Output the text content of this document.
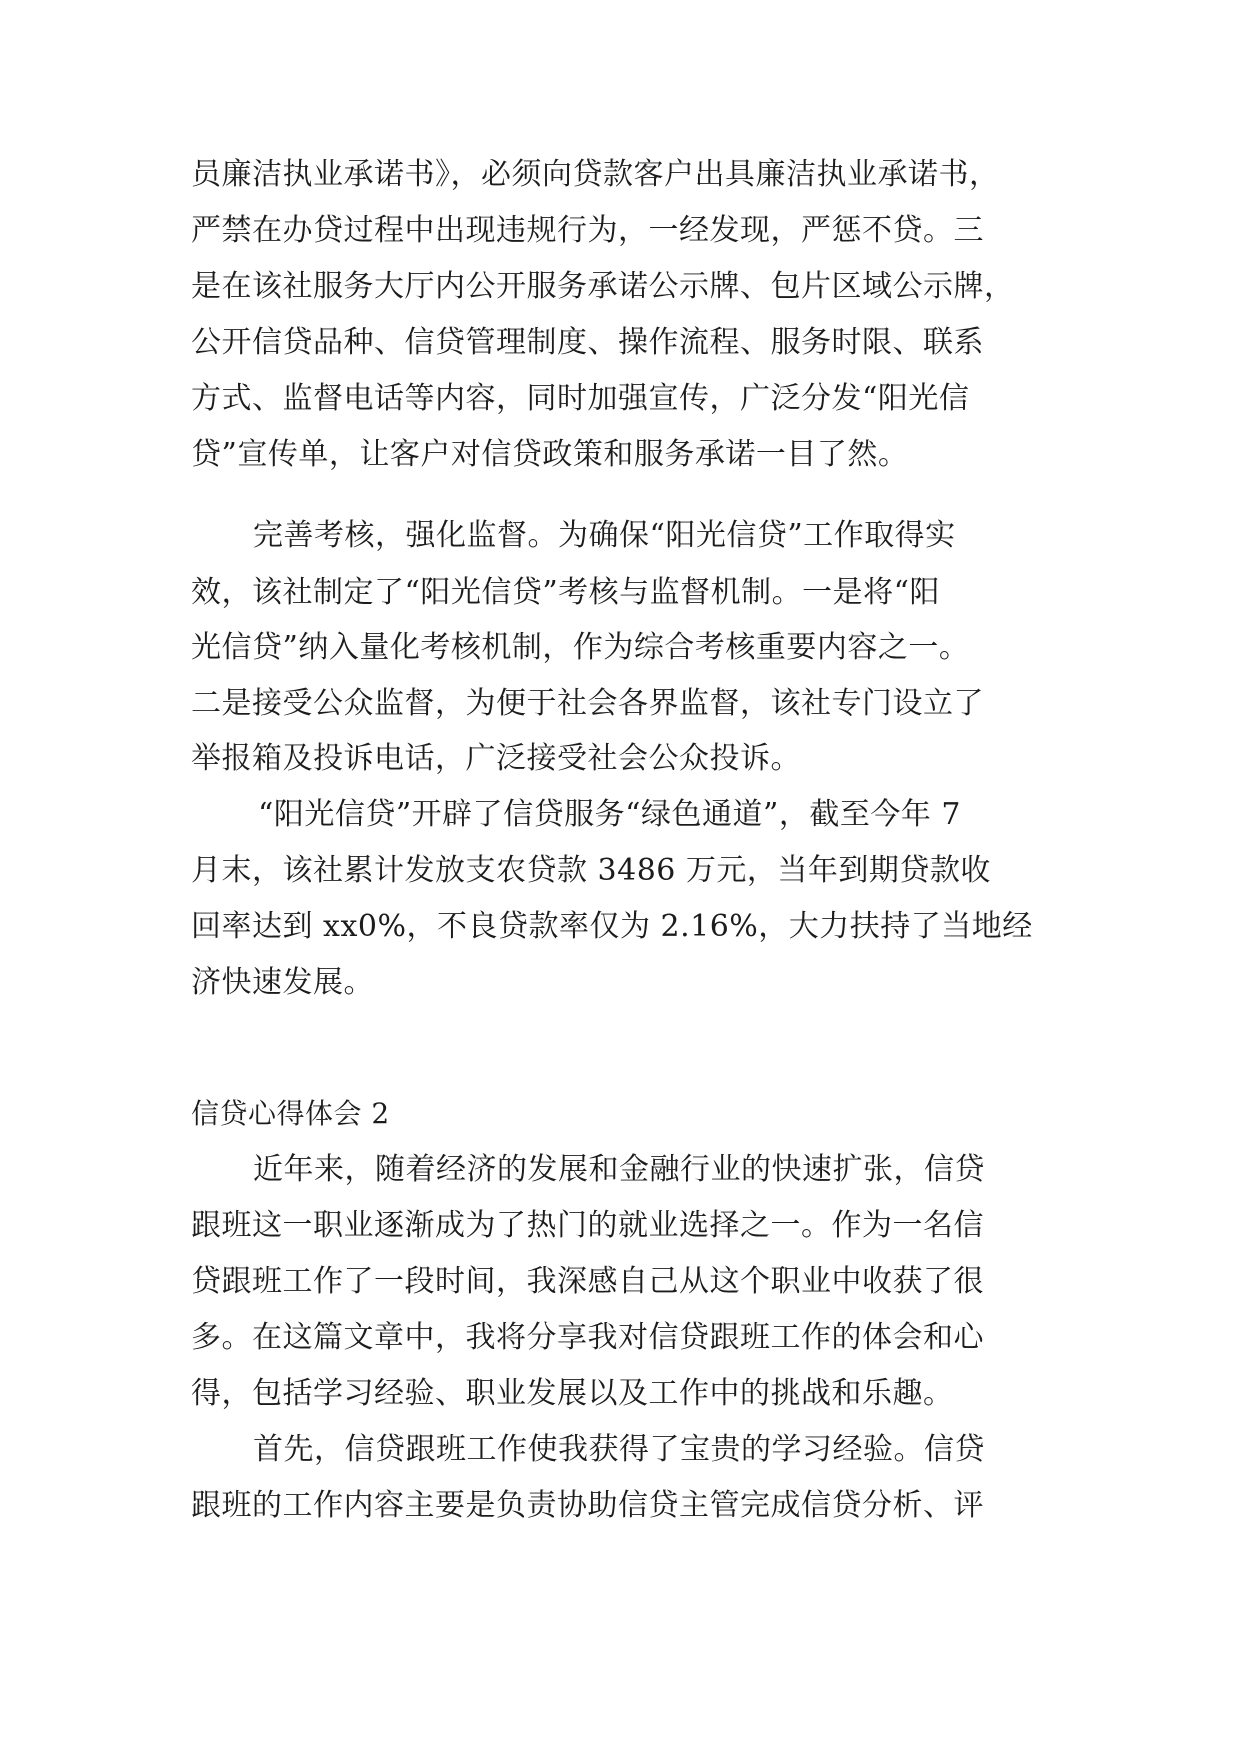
员廉洁执业承诺书》，必须向贷款客户出具廉洁执业承诺书，
严禁在办贷过程中出现违规行为，一经发现，严惩不贷。三
是在该社服务大厅内公开服务承诺公示牌、包片区域公示牌，
公开信贷品种、信贷管理制度、操作流程、服务时限、联系
方式、监督电话等内容，同时加强宣传，广泛分发“阳光信
贷”宣传单，让客户对信贷政策和服务承诺一目了然。
完善考核，强化监督。为确保“阳光信贷”工作取得实
效，该社制定了“阳光信贷”考核与监督机制。一是将“阳
光信贷”纳入量化考核机制，作为综合考核重要内容之一。
二是接受公众监督，为便于社会各界监督，该社专门设立了
举报箱及投诉电话，广泛接受社会公众投诉。
“阳光信贷”开辟了信贷服务“绿色通道”，截至今年 7
月末，该社累计发放支农贷款 3486 万元，当年到期贷款收
回率达到 xx0%，不良贷款率仅为 2.16%，大力扶持了当地经
济快速发展。
信贷心得体会 2
近年来，随着经济的发展和金融行业的快速扩张，信贷
跟班这一职业逐渐成为了热门的就业选择之一。作为一名信
贷跟班工作了一段时间，我深感自己从这个职业中收获了很
多。在这篇文章中，我将分享我对信贷跟班工作的体会和心
得，包括学习经验、职业发展以及工作中的挑战和乐趣。
首先，信贷跟班工作使我获得了宝贵的学习经验。信贷
跟班的工作内容主要是负责协助信贷主管完成信贷分析、评
